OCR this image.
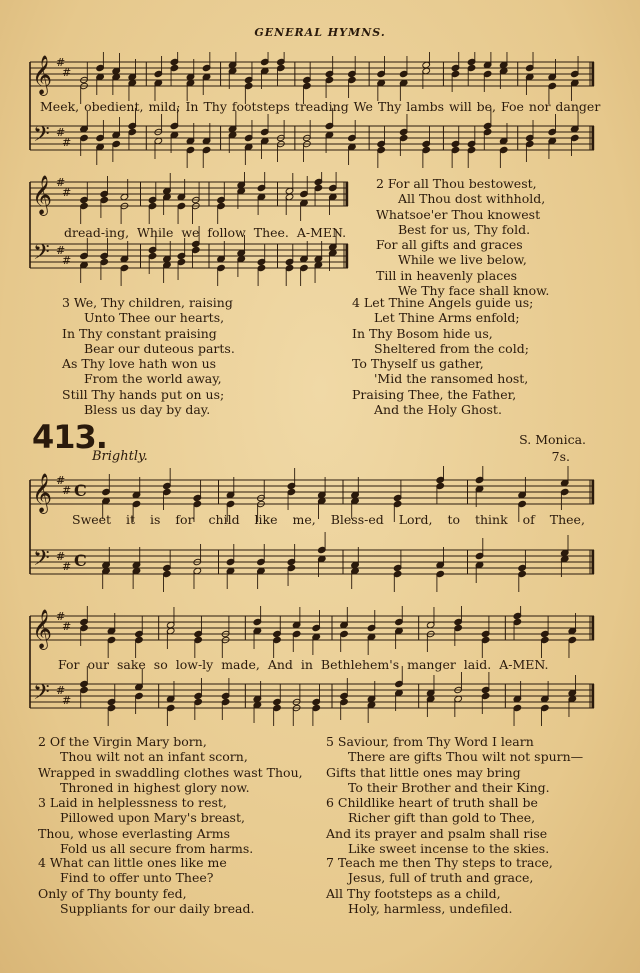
GENERAL HYMNS.
𝄞
𝄢
#
#
#
#
Meek, obedient, mild; In Thy footsteps treading We Thy lambs will be, Foe nor danger
𝄞
𝄢
#
#
#
#
dread-ing, While we follow Thee. A-MEN.
2 For all Thou bestowest,
All Thou dost withhold,
Whatsoe'er Thou knowest
Best for us, Thy fold.
For all gifts and graces
While we live below,
Till in heavenly places
We Thy face shall know.
3 We, Thy children, raising
Unto Thee our hearts,
In Thy constant praising
Bear our duteous parts.
As Thy love hath won us
From the world away,
Still Thy hands put on us;
Bless us day by day.
4 Let Thine Angels guide us;
Let Thine Arms enfold;
In Thy Bosom hide us,
Sheltered from the cold;
To Thyself us gather,
'Mid the ransomed host,
Praising Thee, the Father,
And the Holy Ghost.
413.	S. Monica.
7s.
Brightly.
𝄞
𝄢
#
#
#
#
C
C
Sweet it is for child like me, Bless-ed Lord, to think of Thee,
𝄞
𝄢
#
#
#
#
For our sake so low-ly made, And in Bethlehem's manger laid. A-MEN.
2 Of the Virgin Mary born,
Thou wilt not an infant scorn,
Wrapped in swaddling clothes wast Thou,
Throned in highest glory now.
3 Laid in helplessness to rest,
Pillowed upon Mary's breast,
Thou, whose everlasting Arms
Fold us all secure from harms.
4 What can little ones like me
Find to offer unto Thee?
Only of Thy bounty fed,
Suppliants for our daily bread.
5 Saviour, from Thy Word I learn
There are gifts Thou wilt not spurn—
Gifts that little ones may bring
To their Brother and their King.
6 Childlike heart of truth shall be
Richer gift than gold to Thee,
And its prayer and psalm shall rise
Like sweet incense to the skies.
7 Teach me then Thy steps to trace,
Jesus, full of truth and grace,
All Thy footsteps as a child,
Holy, harmless, undefiled.
